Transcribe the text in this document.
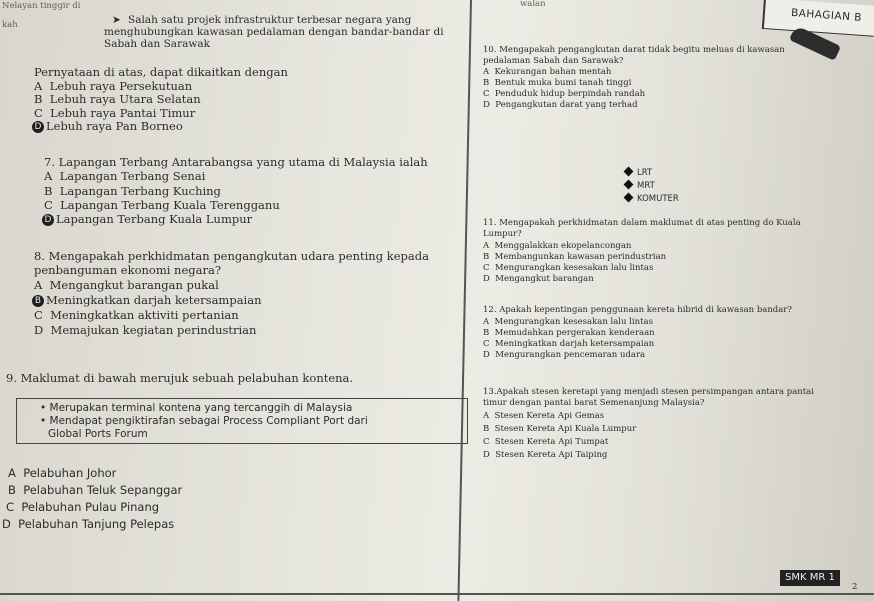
Nelayan tinggir di
kah
walan
BAHAGIAN B
➤ Salah satu projek infrastruktur terbesar negara yang
menghubungkan kawasan pedalaman dengan bandar-bandar di
Sabah dan Sarawak
Pernyataan di atas, dapat dikaitkan dengan
A Lebuh raya Persekutuan
B Lebuh raya Utara Selatan
C Lebuh raya Pantai Timur
D Lebuh raya Pan Borneo
7. Lapangan Terbang Antarabangsa yang utama di Malaysia ialah
A Lapangan Terbang Senai
B Lapangan Terbang Kuching
C Lapangan Terbang Kuala Terengganu
D Lapangan Terbang Kuala Lumpur
8. Mengapakah perkhidmatan pengangkutan udara penting kepada
penbanguman ekonomi negara?
A Mengangkut barangan pukal
B Meningkatkan darjah ketersampaian
C Meningkatkan aktiviti pertanian
D Memajukan kegiatan perindustrian
9. Maklumat di bawah merujuk sebuah pelabuhan kontena.
• Merupakan terminal kontena yang tercanggih di Malaysia
• Mendapat pengiktirafan sebagai Process Compliant Port dari
Global Ports Forum
A Pelabuhan Johor
B Pelabuhan Teluk Sepanggar
C Pelabuhan Pulau Pinang
D Pelabuhan Tanjung Pelepas
10. Mengapakah pengangkutan darat tidak begitu meluas di kawasan
pedalaman Sabah dan Sarawak?
A Kekurangan bahan mentah
B Bentuk muka bumi tanah tinggi
C Penduduk hidup berpindah randah
D Pengangkutan darat yang terhad
LRT
MRT
KOMUTER
11. Mengapakah perkhidmatan dalam maklumat di atas penting do Kuala
Lumpur?
A Menggalakkan ekopelancongan
B Membangunkan kawasan perindustrian
C Mengurangkan kesesakan lalu lintas
D Mengangkut barangan
12. Apakah kepentingan penggunaan kereta hibrid di kawasan bandar?
A Mengurangkan kesesakan lalu lintas
B Memudahkan pergerakan kenderaan
C Meningkatkan darjah ketersampaian
D Mengurangkan pencemaran udara
13.Apakah stesen keretapi yang menjadi stesen persimpangan antara pantai
timur dengan pantai barat Semenanjung Malaysia?
A Stesen Kereta Api Gemas
B Stesen Kereta Api Kuala Lumpur
C Stesen Kereta Api Tumpat
D Stesen Kereta Api Taiping
SMK MR 1
2
